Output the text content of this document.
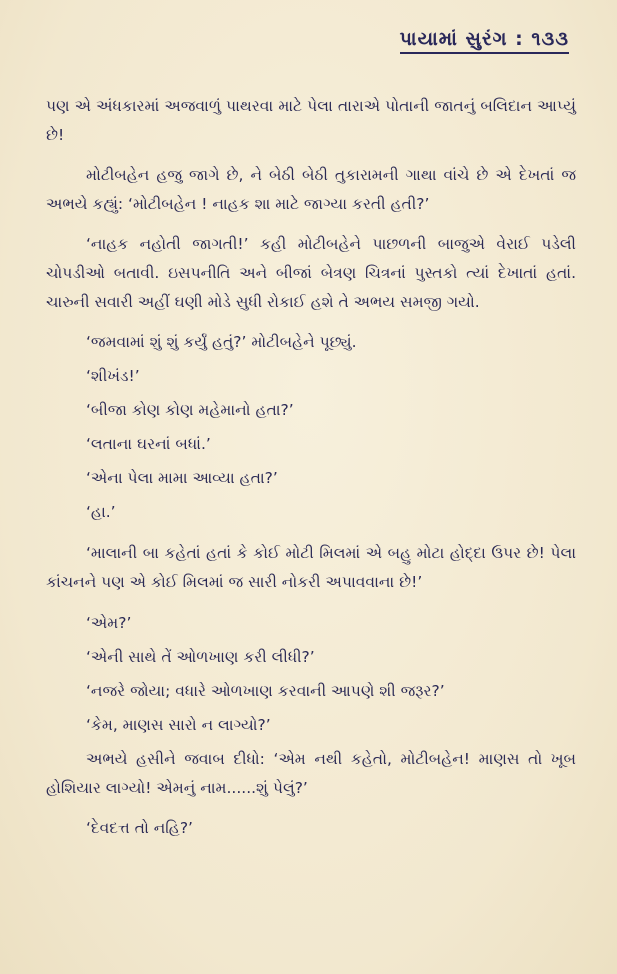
પાયામાં સુરંગ : ૧૩૩

પણ એ અંધકારમાં અજવાળું પાથરવા માટે પેલા તારાએ પોતાની જાતનું બલિદાન આપ્યું છે!

મોટીબહેન હજુ જાગે છે, ને બેઠી બેઠી તુકારામની ગાથા વાંચે છે એ દેખતાં જ અભયે કહ્યું: ‘મોટીબહેન ! નાહક શા માટે જાગ્યા કરતી હતી?’

‘નાહક નહોતી જાગતી!’ કહી મોટીબહેને પાછળની બાજુએ વેરાઈ પડેલી ચોપડીઓ બતાવી. ઇસપનીતિ અને બીજાં બેત્રણ ચિત્રનાં પુસ્તકો ત્યાં દેખાતાં હતાં. ચારુની સવારી અહીં ઘણી મોડે સુધી રોકાઈ હશે તે અભય સમજી ગયો.

‘જમવામાં શું શું કર્યું હતું?’ મોટીબહેને પૂછ્યું.
‘શીખંડ!’
‘બીજા કોણ કોણ મહેમાનો હતા?’
‘લતાના ઘરનાં બધાં.’
‘એના પેલા મામા આવ્યા હતા?’
‘હા.’

‘માલાની બા કહેતાં હતાં કે કોઈ મોટી મિલમાં એ બહુ મોટા હોદ્દા ઉપર છે! પેલા કાંચનને પણ એ કોઈ મિલમાં જ સારી નોકરી અપાવવાના છે!’

‘એમ?’
‘એની સાથે તેં ઓળખાણ કરી લીધી?’
‘નજરે જોયા; વધારે ઓળખાણ કરવાની આપણે શી જરૂર?’
‘કેમ, માણસ સારો ન લાગ્યો?’

અભયે હસીને જવાબ દીધો: ‘એમ નથી કહેતો, મોટીબહેન! માણસ તો ખૂબ હોશિયાર લાગ્યો! એમનું નામ......શું પેલું?’

‘દેવદત્ત તો નહિ?’
